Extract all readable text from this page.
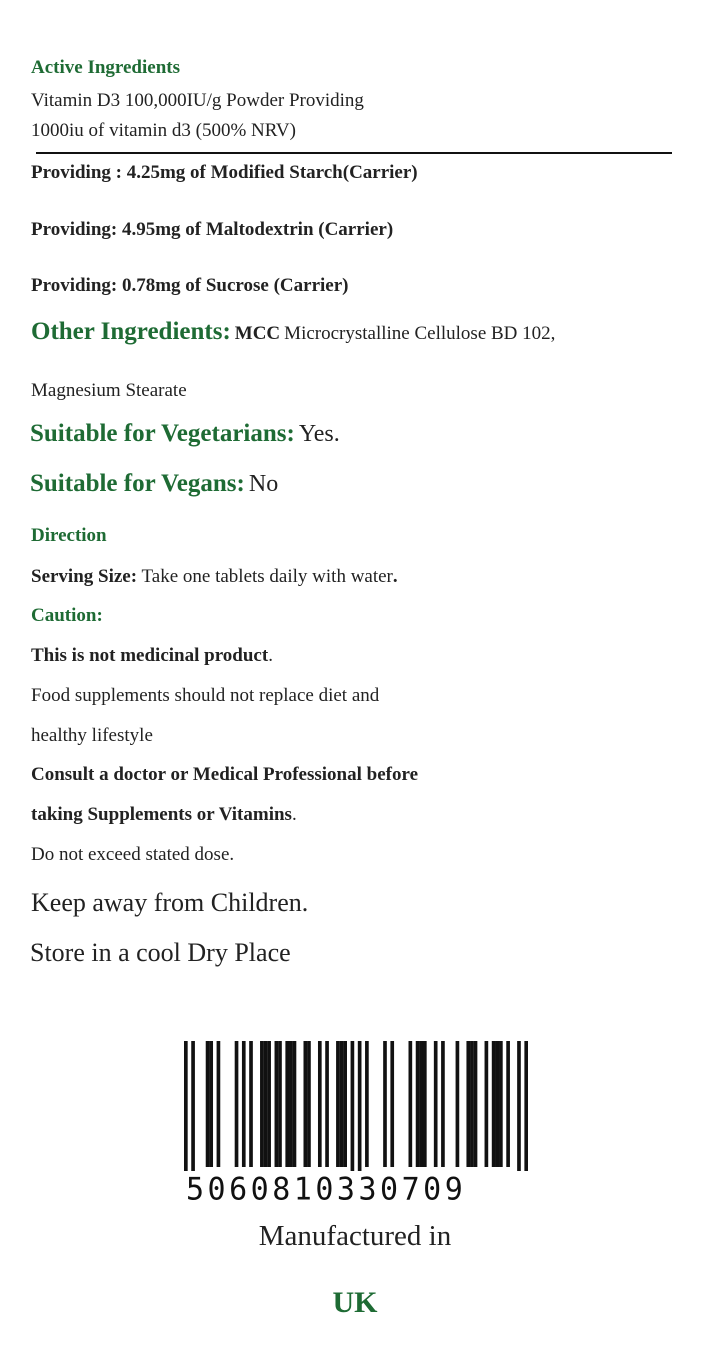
Active Ingredients
Vitamin D3 100,000IU/g Powder Providing
1000iu of vitamin d3 (500% NRV)
Providing : 4.25mg of Modified Starch(Carrier)
Providing: 4.95mg of Maltodextrin (Carrier)
Providing: 0.78mg of Sucrose (Carrier)
Other Ingredients: MCC Microcrystalline Cellulose BD 102,
Magnesium Stearate
Suitable for Vegetarians: Yes.
Suitable for Vegans: No
Direction
Serving Size: Take one tablets daily with water.
Caution:
This is not medicinal product.
Food supplements should not replace diet and
healthy lifestyle
Consult a doctor or Medical Professional before
taking Supplements or Vitamins.
Do not exceed stated dose.
Keep away from Children.
Store in a cool Dry Place
5060810330709
Manufactured in
UK
